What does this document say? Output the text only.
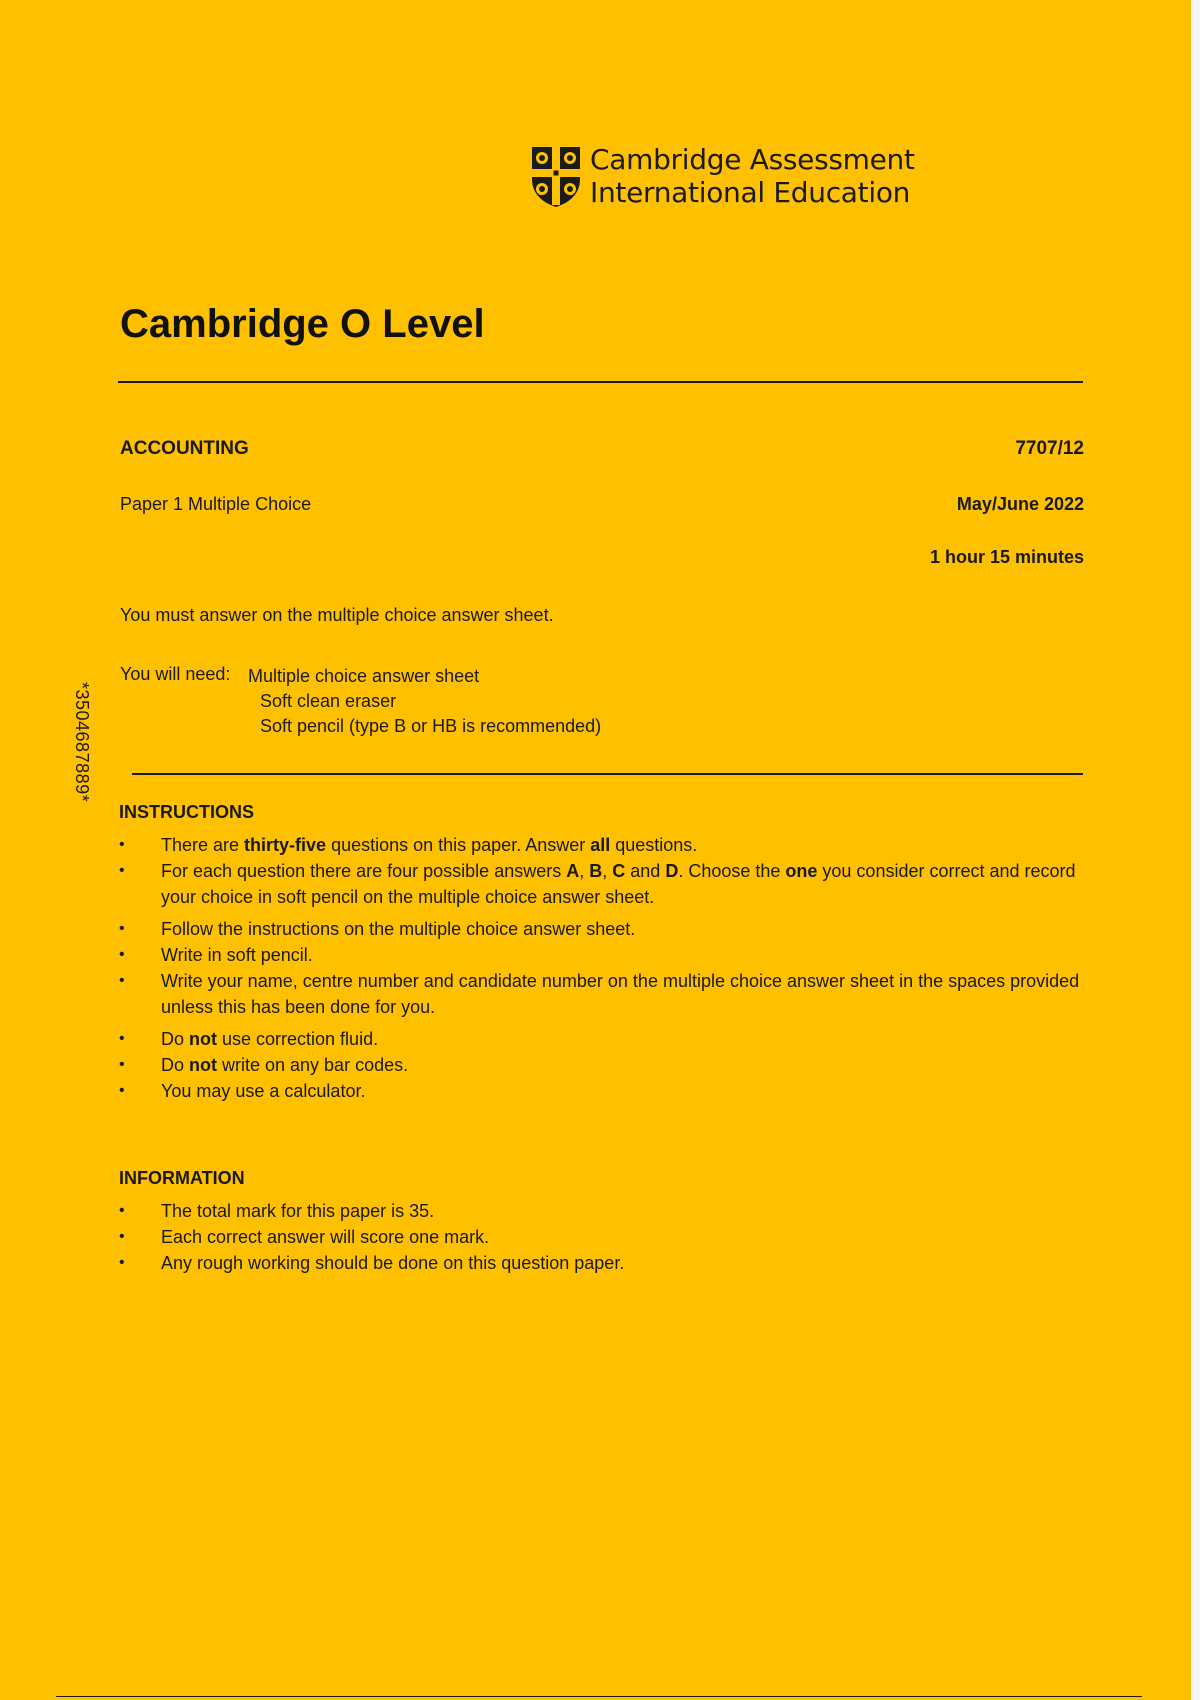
Cambridge Assessment
International Education
Cambridge O Level
ACCOUNTING	7707/12
Paper 1 Multiple Choice	May/June 2022
1 hour 15 minutes
You must answer on the multiple choice answer sheet.
You will need: Multiple choice answer sheet
Soft clean eraser
Soft pencil (type B or HB is recommended)
*3504687889*
INSTRUCTIONS
• There are thirty-five questions on this paper. Answer all questions.
• For each question there are four possible answers A, B, C and D. Choose the one you consider correct and record your choice in soft pencil on the multiple choice answer sheet.
• Follow the instructions on the multiple choice answer sheet.
• Write in soft pencil.
• Write your name, centre number and candidate number on the multiple choice answer sheet in the spaces provided unless this has been done for you.
• Do not use correction fluid.
• Do not write on any bar codes.
• You may use a calculator.
INFORMATION
• The total mark for this paper is 35.
• Each correct answer will score one mark.
• Any rough working should be done on this question paper.
